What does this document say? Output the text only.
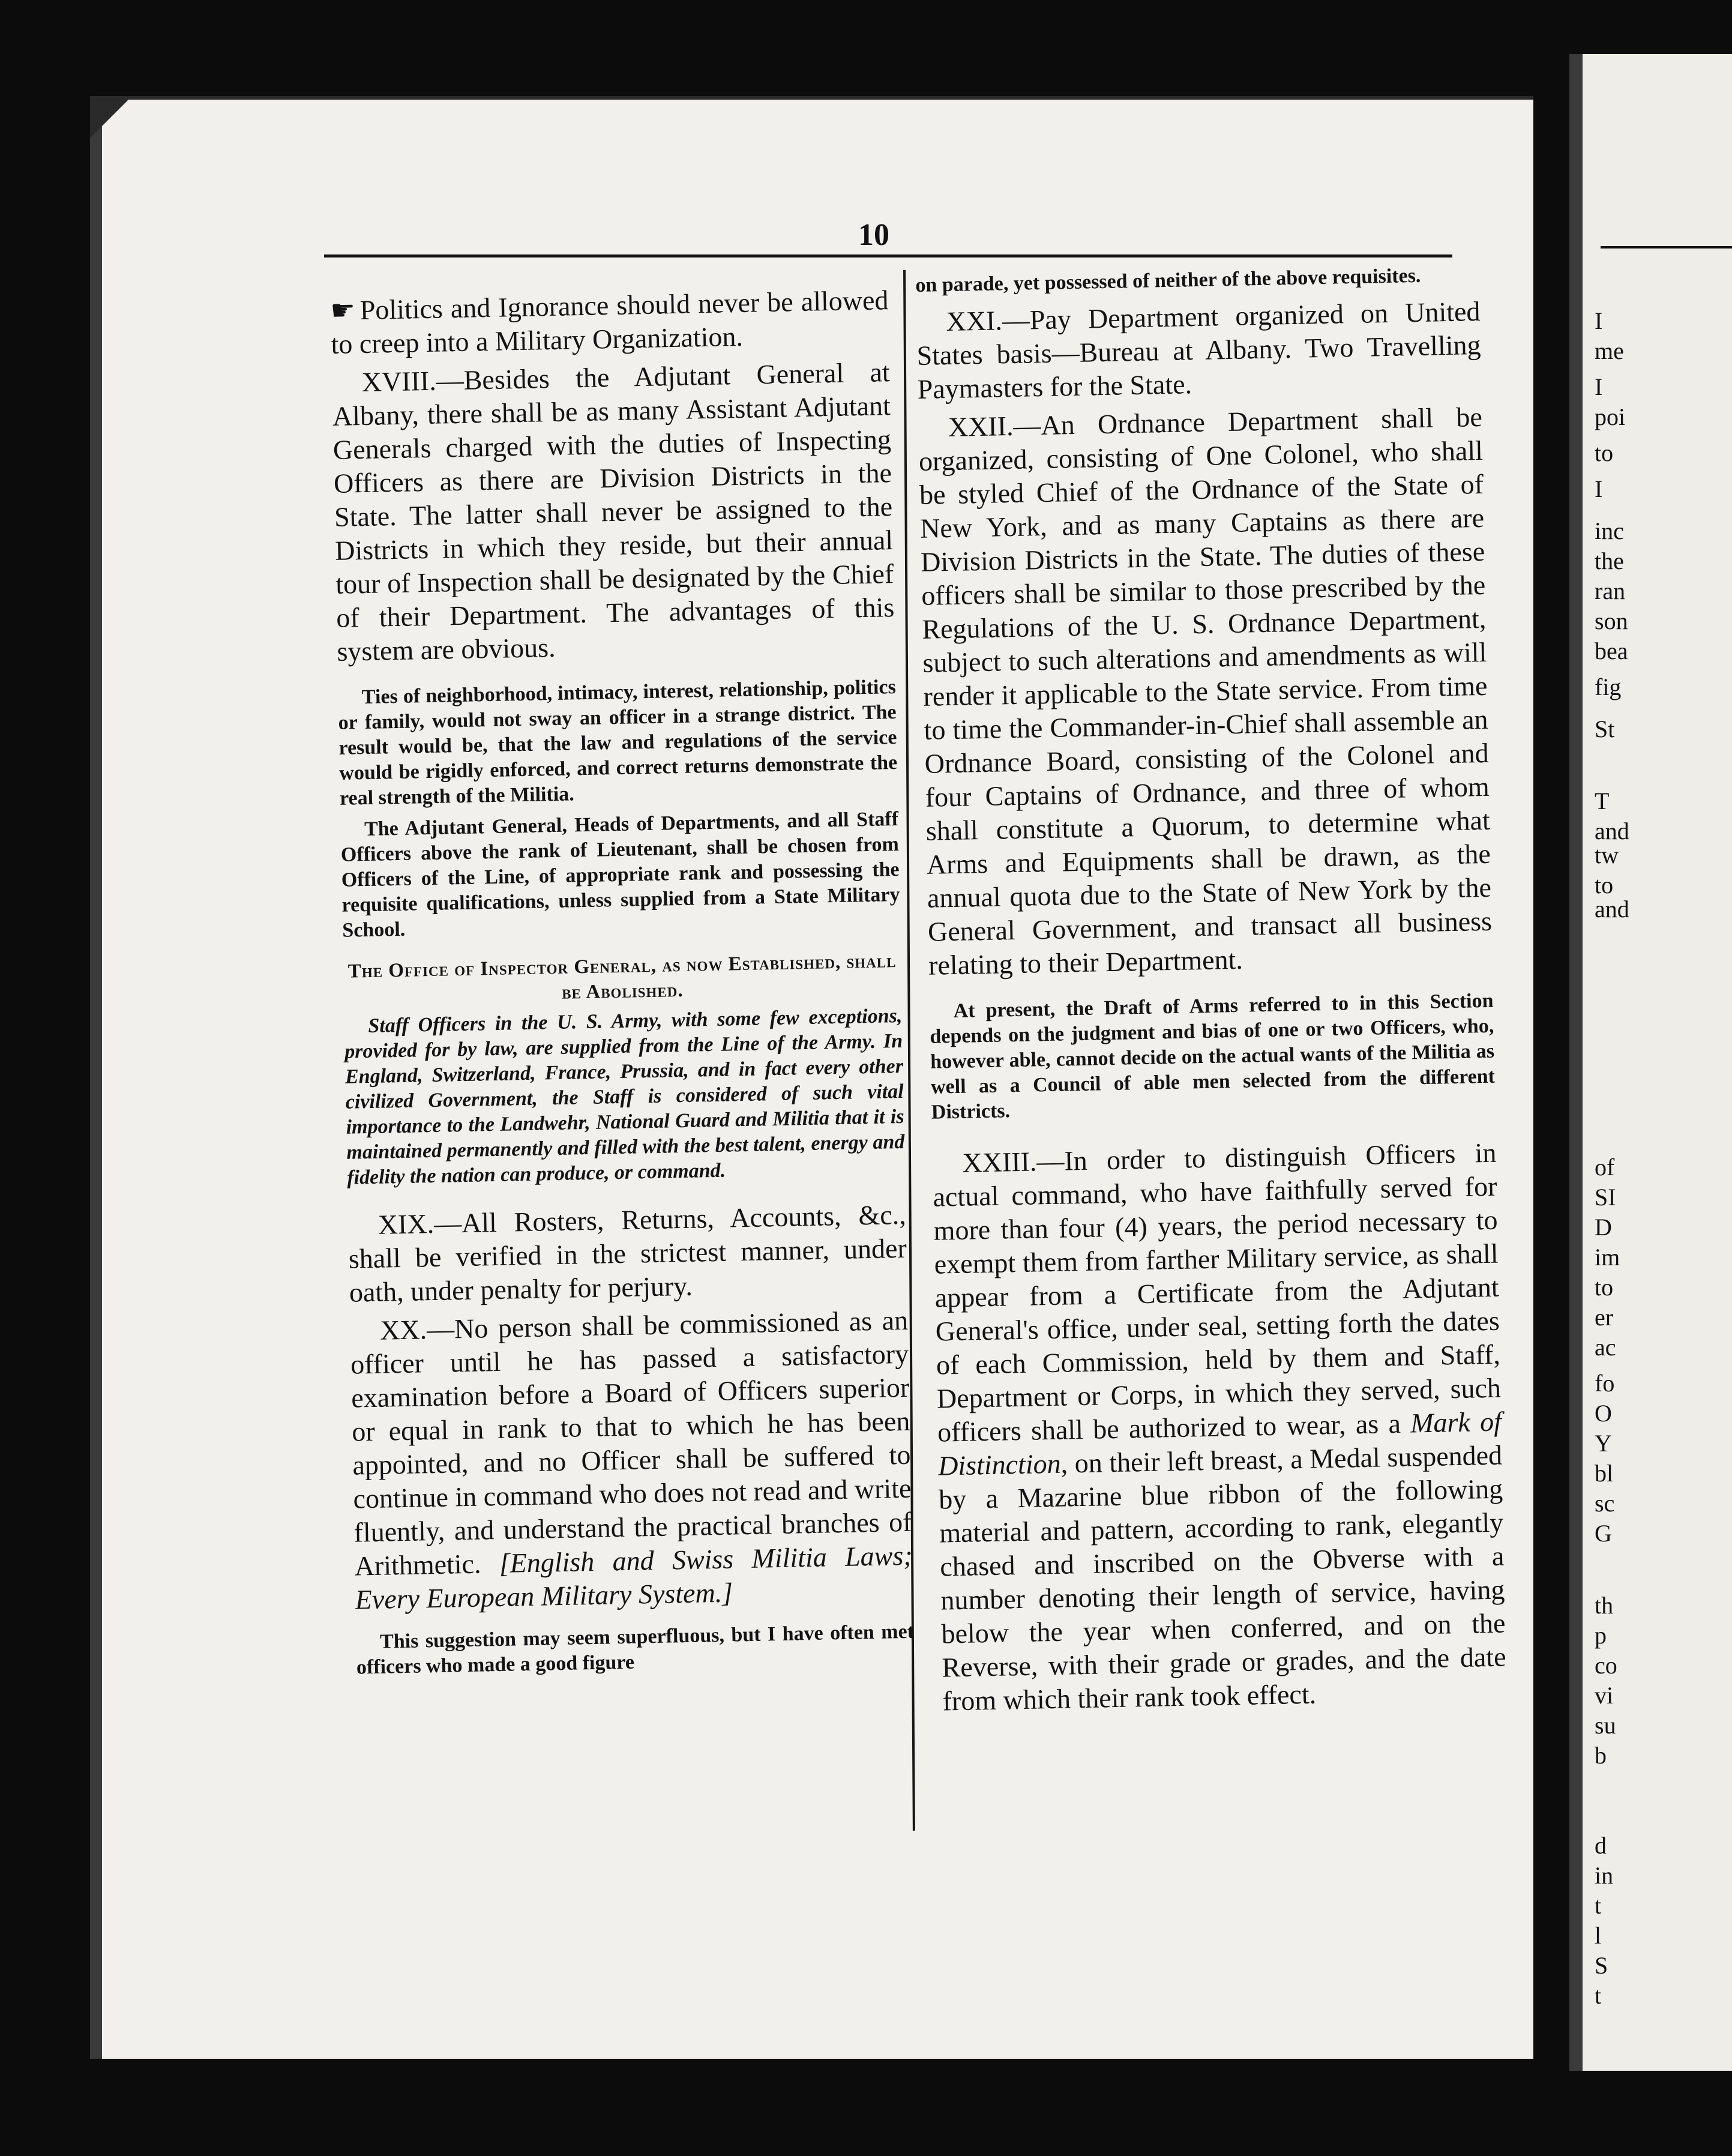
10

☛ Politics and Ignorance should never be allowed to creep into a Military Organization.

XVIII.—Besides the Adjutant General at Albany, there shall be as many Assistant Adjutant Generals charged with the duties of Inspecting Officers as there are Division Districts in the State. The latter shall never be assigned to the Districts in which they reside, but their annual tour of Inspection shall be designated by the Chief of their Department. The advantages of this system are obvious.

Ties of neighborhood, intimacy, interest, relationship, politics or family, would not sway an officer in a strange district. The result would be, that the law and regulations of the service would be rigidly enforced, and correct returns demonstrate the real strength of the Militia.

The Adjutant General, Heads of Departments, and all Staff Officers above the rank of Lieutenant, shall be chosen from Officers of the Line, of appropriate rank and possessing the requisite qualifications, unless supplied from a State Military School.

The Office of Inspector General, as now Established, shall be Abolished.

Staff Officers in the U. S. Army, with some few exceptions, provided for by law, are supplied from the Line of the Army. In England, Switzerland, France, Prussia, and in fact every other civilized Government, the Staff is considered of such vital importance to the Landwehr, National Guard and Militia that it is maintained permanently and filled with the best talent, energy and fidelity the nation can produce, or command.

XIX.—All Rosters, Returns, Accounts, &c., shall be verified in the strictest manner, under oath, under penalty for perjury.

XX.—No person shall be commissioned as an officer until he has passed a satisfactory examination before a Board of Officers superior or equal in rank to that to which he has been appointed, and no Officer shall be suffered to continue in command who does not read and write fluently, and understand the practical branches of Arithmetic. [English and Swiss Militia Laws; Every European Military System.]

This suggestion may seem superfluous, but I have often met officers who made a good figure

on parade, yet possessed of neither of the above requisites.

XXI.—Pay Department organized on United States basis—Bureau at Albany. Two Travelling Paymasters for the State.

XXII.—An Ordnance Department shall be organized, consisting of One Colonel, who shall be styled Chief of the Ordnance of the State of New York, and as many Captains as there are Division Districts in the State. The duties of these officers shall be similar to those prescribed by the Regulations of the U. S. Ordnance Department, subject to such alterations and amendments as will render it applicable to the State service. From time to time the Commander-in-Chief shall assemble an Ordnance Board, consisting of the Colonel and four Captains of Ordnance, and three of whom shall constitute a Quorum, to determine what Arms and Equipments shall be drawn, as the annual quota due to the State of New York by the General Government, and transact all business relating to their Department.

At present, the Draft of Arms referred to in this Section depends on the judgment and bias of one or two Officers, who, however able, cannot decide on the actual wants of the Militia as well as a Council of able men selected from the different Districts.

XXIII.—In order to distinguish Officers in actual command, who have faithfully served for more than four (4) years, the period necessary to exempt them from farther Military service, as shall appear from a Certificate from the Adjutant General's office, under seal, setting forth the dates of each Commission, held by them and Staff, Department or Corps, in which they served, such officers shall be authorized to wear, as a Mark of Distinction, on their left breast, a Medal suspended by a Mazarine blue ribbon of the following material and pattern, according to rank, elegantly chased and inscribed on the Obverse with a number denoting their length of service, having below the year when conferred, and on the Reverse, with their grade or grades, and the date from which their rank took effect.

I
me
I
poi
to
I
inc
the
ran
son
bea
fig
St
T
and
tw
to
and
of
SI
D
im
to
er
ac
fo
O
Y
bl
sc
G
th
p
co
vi
su
b
d
in
t
l
S
t
